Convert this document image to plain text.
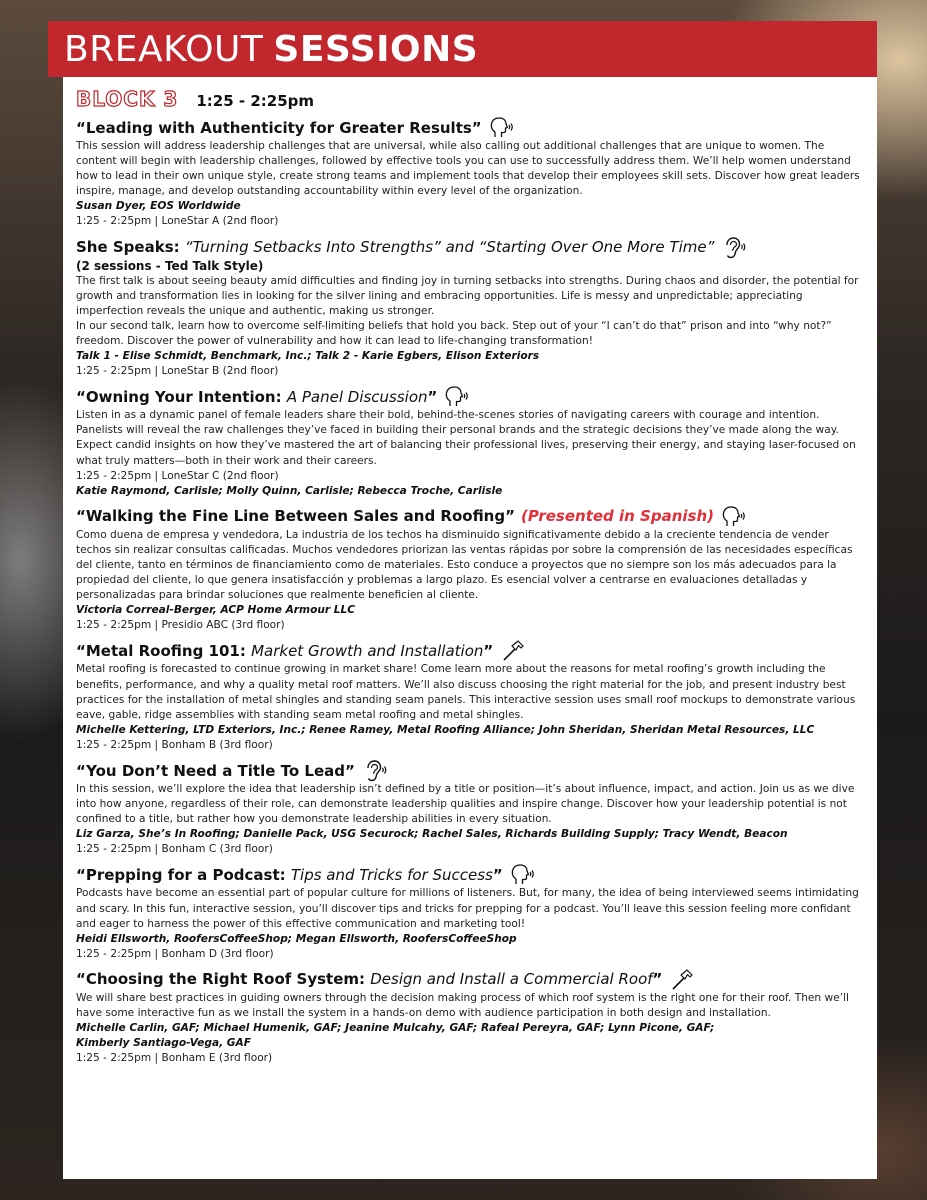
BREAKOUT SESSIONS
BLOCK 3 1:25 - 2:25pm
“Leading with Authenticity for Greater Results”

This session will address leadership challenges that are universal, while also calling out additional challenges that are unique to women. The content will begin with leadership challenges, followed by effective tools you can use to successfully address them. We’ll help women understand how to lead in their own unique style, create strong teams and implement tools that develop their employees skill sets. Discover how great leaders inspire, manage, and develop outstanding accountability within every level of the organization.

Susan Dyer, EOS Worldwide
1:25 - 2:25pm | LoneStar A (2nd floor)
She Speaks:
“Turning Setbacks Into Strengths” and “Starting Over One More Time”
(2 sessions - Ted Talk Style)

The first talk is about seeing beauty amid difficulties and finding joy in turning setbacks into strengths. During chaos and disorder, the potential for growth and transformation lies in looking for the silver lining and embracing opportunities. Life is messy and unpredictable; appreciating imperfection reveals the unique and authentic, making us stronger.

In our second talk, learn how to overcome self-limiting beliefs that hold you back. Step out of your “I can’t do that” prison and into “why not?” freedom. Discover the power of vulnerability and how it can lead to life-changing transformation!

Talk 1 - Elise Schmidt, Benchmark, Inc.; Talk 2 - Karie Egbers, Elison Exteriors
1:25 - 2:25pm | LoneStar B (2nd floor)
“Owning Your Intention:
A Panel Discussion ”

Listen in as a dynamic panel of female leaders share their bold, behind-the-scenes stories of navigating careers with courage and intention. Panelists will reveal the raw challenges they’ve faced in building their personal brands and the strategic decisions they’ve made along the way. Expect candid insights on how they’ve mastered the art of balancing their professional lives, preserving their energy, and staying laser-focused on what truly matters—both in their work and their careers.

1:25 - 2:25pm | LoneStar C (2nd floor)
Katie Raymond, Carlisle; Molly Quinn, Carlisle; Rebecca Troche, Carlisle
“Walking the Fine Line Between Sales and Roofing” (Presented in Spanish)

Como duena de empresa y vendedora, La industria de los techos ha disminuido significativamente debido a la creciente tendencia de vender techos sin realizar consultas calificadas. Muchos vendedores priorizan las ventas rápidas por sobre la comprensión de las necesidades específicas del cliente, tanto en términos de financiamiento como de materiales. Esto conduce a proyectos que no siempre son los más adecuados para la propiedad del cliente, lo que genera insatisfacción y problemas a largo plazo. Es esencial volver a centrarse en evaluaciones detalladas y personalizadas para brindar soluciones que realmente beneficien al cliente.

Victoria Correal-Berger, ACP Home Armour LLC
1:25 - 2:25pm | Presidio ABC (3rd floor)
“Metal Roofing 101:
Market Growth and Installation ”

Metal roofing is forecasted to continue growing in market share! Come learn more about the reasons for metal roofing’s growth including the benefits, performance, and why a quality metal roof matters. We’ll also discuss choosing the right material for the job, and present industry best practices for the installation of metal shingles and standing seam panels. This interactive session uses small roof mockups to demonstrate various eave, gable, ridge assemblies with standing seam metal roofing and metal shingles.

Michelle Kettering, LTD Exteriors, Inc.; Renee Ramey, Metal Roofing Alliance; John Sheridan, Sheridan Metal Resources, LLC
1:25 - 2:25pm | Bonham B (3rd floor)
“You Don’t Need a Title To Lead”

In this session, we’ll explore the idea that leadership isn’t defined by a title or position—it’s about influence, impact, and action. Join us as we dive into how anyone, regardless of their role, can demonstrate leadership qualities and inspire change. Discover how your leadership potential is not confined to a title, but rather how you demonstrate leadership abilities in every situation.

Liz Garza, She’s In Roofing; Danielle Pack, USG Securock; Rachel Sales, Richards Building Supply; Tracy Wendt, Beacon
1:25 - 2:25pm | Bonham C (3rd floor)
“Prepping for a Podcast:
Tips and Tricks for Success ”

Podcasts have become an essential part of popular culture for millions of listeners. But, for many, the idea of being interviewed seems intimidating and scary. In this fun, interactive session, you’ll discover tips and tricks for prepping for a podcast. You’ll leave this session feeling more confidant and eager to harness the power of this effective communication and marketing tool!

Heidi Ellsworth, RoofersCoffeeShop; Megan Ellsworth, RoofersCoffeeShop
1:25 - 2:25pm | Bonham D (3rd floor)
“Choosing the Right Roof System:
Design and Install a Commercial Roof ”

We will share best practices in guiding owners through the decision making process of which roof system is the right one for their roof. Then we’ll have some interactive fun as we install the system in a hands-on demo with audience participation in both design and installation.

Michelle Carlin, GAF; Michael Humenik, GAF; Jeanine Mulcahy, GAF; Rafeal Pereyra, GAF; Lynn Picone, GAF;
Kimberly Santiago-Vega, GAF
1:25 - 2:25pm | Bonham E (3rd floor)
